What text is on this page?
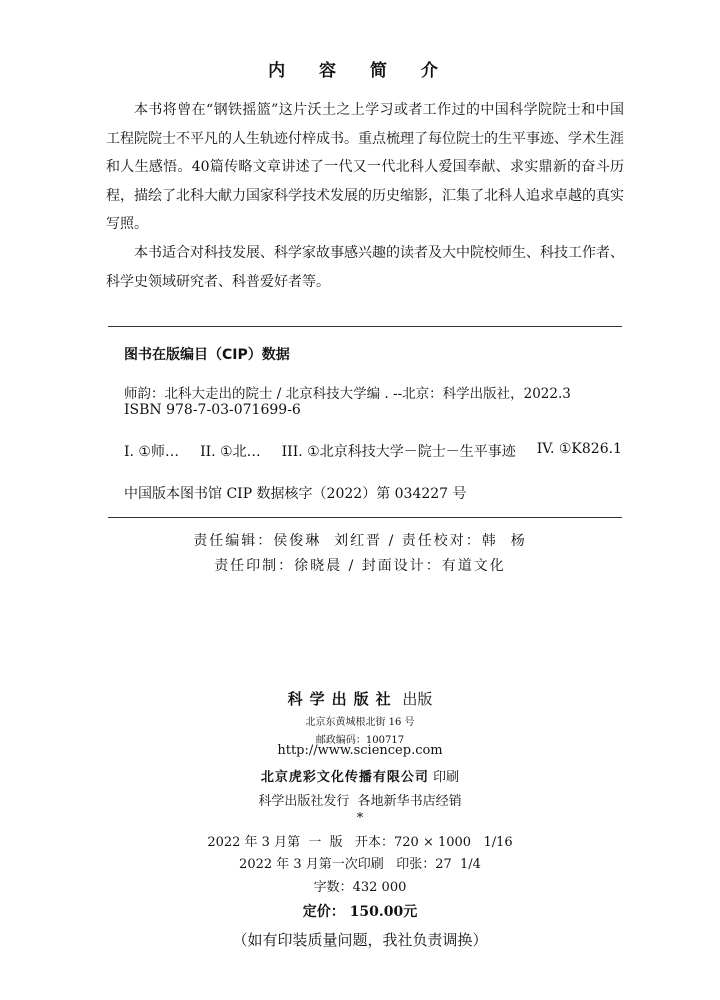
内 容 简 介

本书将曾在“钢铁摇篮”这片沃土之上学习或者工作过的中国科学院院士和中国工程院院士不平凡的人生轨迹付梓成书。重点梳理了每位院士的生平事迹、学术生涯和人生感悟。40篇传略文章讲述了一代又一代北科人爱国奉献、求实鼎新的奋斗历程，描绘了北科大献力国家科学技术发展的历史缩影，汇集了北科人追求卓越的真实写照。

本书适合对科技发展、科学家故事感兴趣的读者及大中院校师生、科技工作者、科学史领域研究者、科普爱好者等。

图书在版编目（CIP）数据
师韵：北科大走出的院士 / 北京科技大学编 . --北京：科学出版社，2022.3
ISBN 978-7-03-071699-6
I. ①师… II. ①北… III. ①北京科技大学－院士－生平事迹 IV. ①K826.1
中国版本图书馆 CIP 数据核字（2022）第 034227 号
责任编辑：侯俊琳  刘红晋 / 责任校对：韩  杨
责任印制：徐晓晨 / 封面设计：有道文化
科学出版社 出版
北京东黄城根北街 16 号
邮政编码：100717
http://www.sciencep.com
北京虎彩文化传播有限公司 印刷
科学出版社发行  各地新华书店经销
*
2022 年 3 月第  一  版   开本：720 × 1000   1/16
2022 年 3 月第一次印刷   印张：27  1/4
字数：432 000
定价： 150.00元
（如有印装质量问题，我社负责调换）
